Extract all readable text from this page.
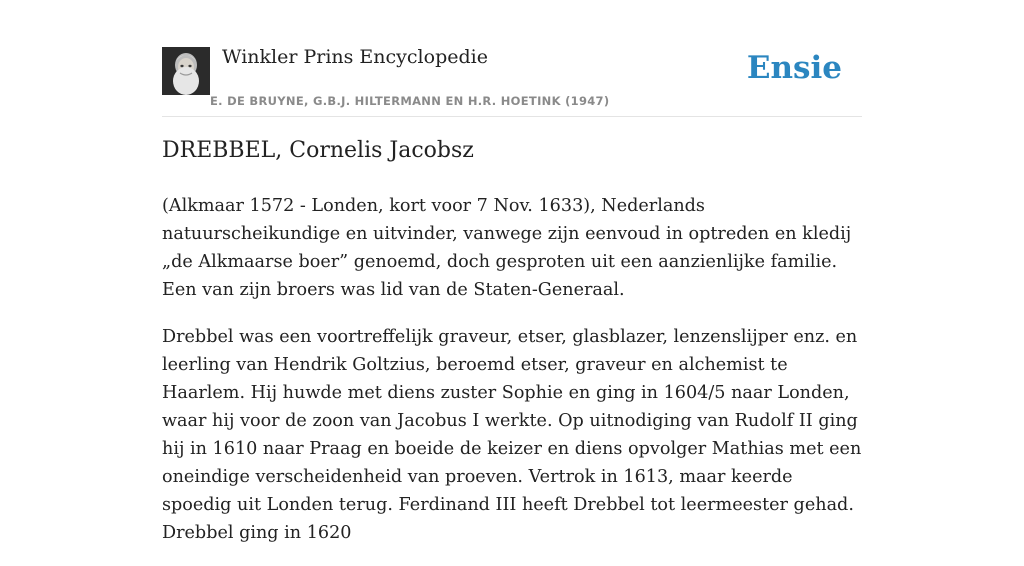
Winkler Prins Encyclopedie
E. DE BRUYNE, G.B.J. HILTERMANN EN H.R. HOETINK (1947)
Ensie
DREBBEL, Cornelis Jacobsz

(Alkmaar 1572 - Londen, kort voor 7 Nov. 1633), Nederlands natuurscheikundige en uitvinder, vanwege zijn eenvoud in optreden en kledij „de Alkmaarse boer” genoemd, doch gesproten uit een aanzienlijke familie. Een van zijn broers was lid van de Staten-Generaal.

Drebbel was een voortreffelijk graveur, etser, glasblazer, lenzenslijper enz. en leerling van Hendrik Goltzius, beroemd etser, graveur en alchemist te Haarlem. Hij huwde met diens zuster Sophie en ging in 1604/5 naar Londen, waar hij voor de zoon van Jacobus I werkte. Op uitnodiging van Rudolf II ging hij in 1610 naar Praag en boeide de keizer en diens opvolger Mathias met een oneindige verscheidenheid van proeven. Vertrok in 1613, maar keerde spoedig uit Londen terug. Ferdinand III heeft Drebbel tot leermeester gehad. Drebbel ging in 1620
